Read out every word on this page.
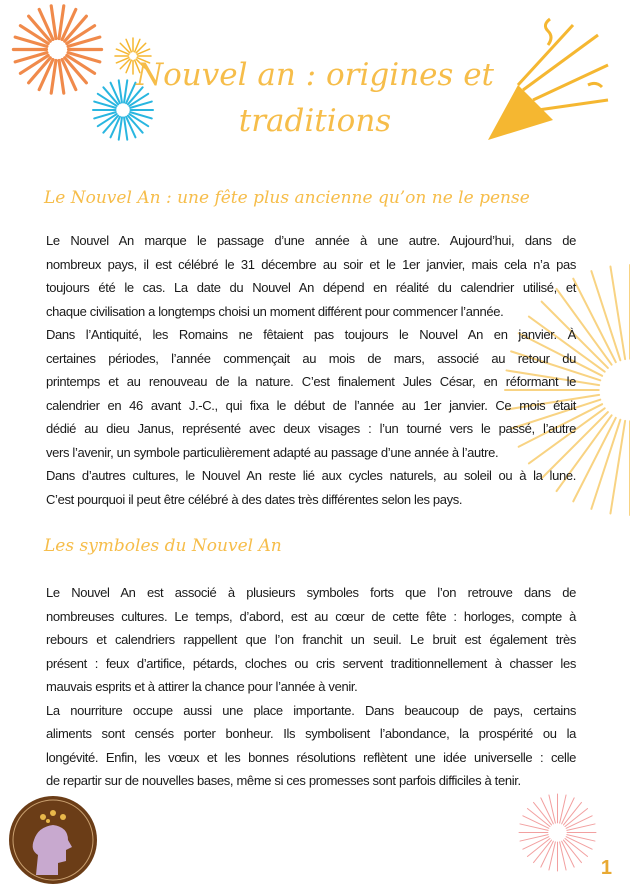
Nouvel an : origines et
traditions
Le Nouvel An : une fête plus ancienne qu’on ne le pense
Le Nouvel An marque le passage d’une année à une autre. Aujourd’hui, dans de
nombreux pays, il est célébré le 31 décembre au soir et le 1er janvier, mais cela n’a pas
toujours été le cas. La date du Nouvel An dépend en réalité du calendrier utilisé, et
chaque civilisation a longtemps choisi un moment différent pour commencer l’année.
Dans l’Antiquité, les Romains ne fêtaient pas toujours le Nouvel An en janvier. À
certaines périodes, l’année commençait au mois de mars, associé au retour du
printemps et au renouveau de la nature. C’est finalement Jules César, en réformant le
calendrier en 46 avant J.-C., qui fixa le début de l’année au 1er janvier. Ce mois était
dédié au dieu Janus, représenté avec deux visages : l’un tourné vers le passé, l’autre
vers l’avenir, un symbole particulièrement adapté au passage d’une année à l’autre.
Dans d’autres cultures, le Nouvel An reste lié aux cycles naturels, au soleil ou à la lune.
C’est pourquoi il peut être célébré à des dates très différentes selon les pays.
Les symboles du Nouvel An
Le Nouvel An est associé à plusieurs symboles forts que l’on retrouve dans de
nombreuses cultures. Le temps, d’abord, est au cœur de cette fête : horloges, compte à
rebours et calendriers rappellent que l’on franchit un seuil. Le bruit est également très
présent : feux d’artifice, pétards, cloches ou cris servent traditionnellement à chasser les
mauvais esprits et à attirer la chance pour l’année à venir.
La nourriture occupe aussi une place importante. Dans beaucoup de pays, certains
aliments sont censés porter bonheur. Ils symbolisent l’abondance, la prospérité ou la
longévité. Enfin, les vœux et les bonnes résolutions reflètent une idée universelle : celle
de repartir sur de nouvelles bases, même si ces promesses sont parfois difficiles à tenir.
1
